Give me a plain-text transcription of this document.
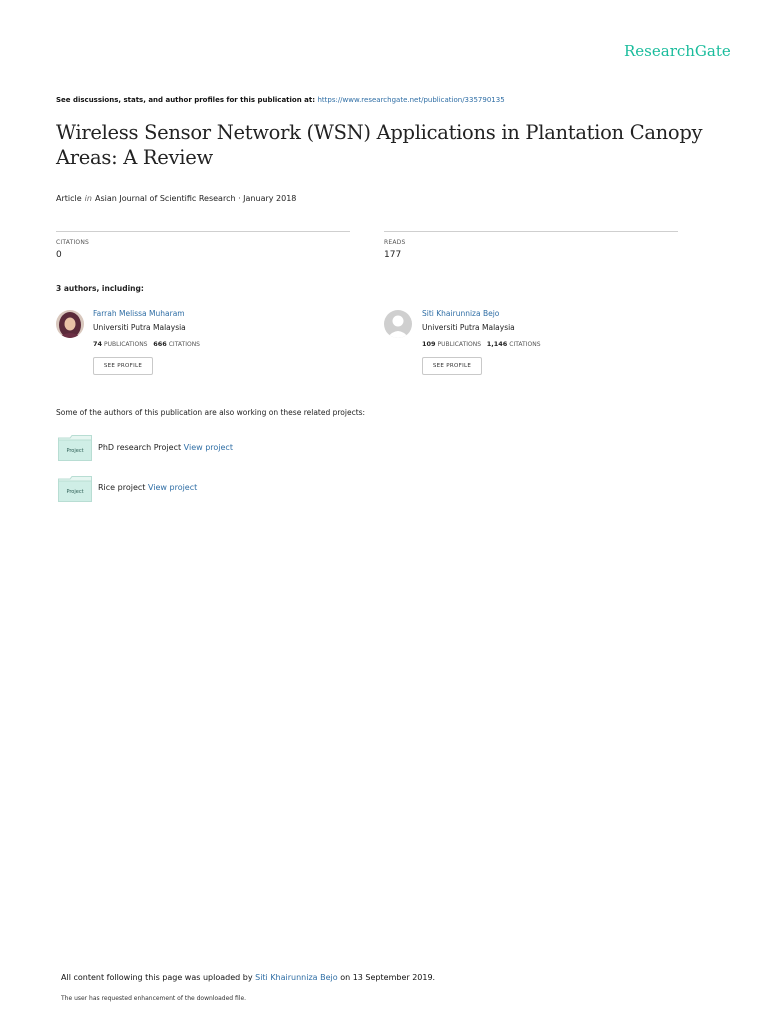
ResearchGate
See discussions, stats, and author profiles for this publication at: https://www.researchgate.net/publication/335790135
Wireless Sensor Network (WSN) Applications in Plantation Canopy Areas: A Review
Article in Asian Journal of Scientific Research · January 2018
CITATIONS
0
READS
177
3 authors, including:
Farrah Melissa Muharam
Universiti Putra Malaysia
74 PUBLICATIONS 666 CITATIONS
SEE PROFILE
Siti Khairunniza Bejo
Universiti Putra Malaysia
109 PUBLICATIONS 1,146 CITATIONS
SEE PROFILE
Some of the authors of this publication are also working on these related projects:
Project PhD research Project View project
Project Rice project View project
All content following this page was uploaded by Siti Khairunniza Bejo on 13 September 2019.
The user has requested enhancement of the downloaded file.
